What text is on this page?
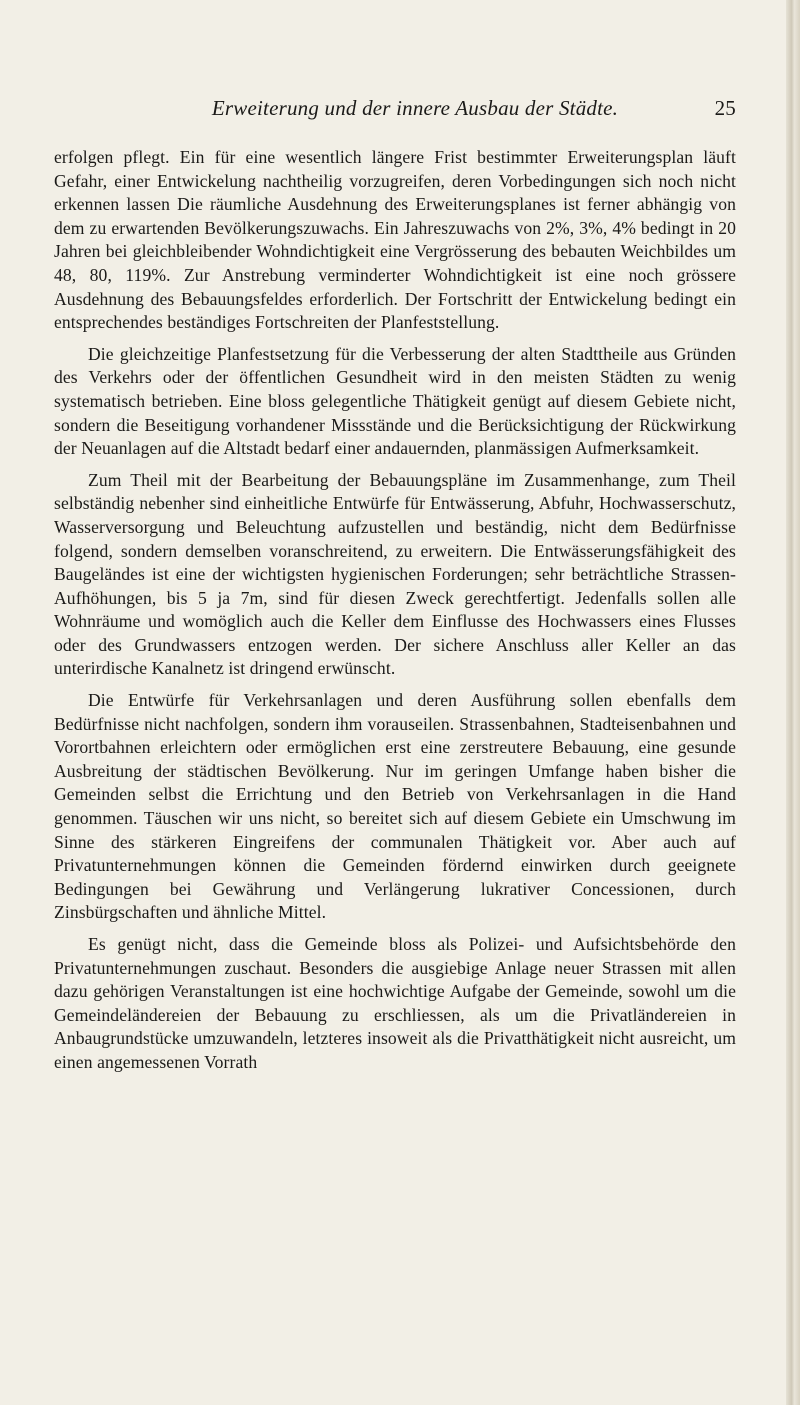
Erweiterung und der innere Ausbau der Städte.	25

erfolgen pflegt. Ein für eine wesentlich längere Frist bestimmter Erweiterungsplan läuft Gefahr, einer Entwickelung nachtheilig vorzugreifen, deren Vorbedingungen sich noch nicht erkennen lassen Die räumliche Ausdehnung des Erweiterungsplanes ist ferner abhängig von dem zu erwartenden Bevölkerungszuwachs. Ein Jahreszuwachs von 2%, 3%, 4% bedingt in 20 Jahren bei gleichbleibender Wohndichtigkeit eine Vergrösserung des bebauten Weichbildes um 48, 80, 119%. Zur Anstrebung verminderter Wohndichtigkeit ist eine noch grössere Ausdehnung des Bebauungsfeldes erforderlich. Der Fortschritt der Entwickelung bedingt ein entsprechendes beständiges Fortschreiten der Planfeststellung.

Die gleichzeitige Planfestsetzung für die Verbesserung der alten Stadttheile aus Gründen des Verkehrs oder der öffentlichen Gesundheit wird in den meisten Städten zu wenig systematisch betrieben. Eine bloss gelegentliche Thätigkeit genügt auf diesem Gebiete nicht, sondern die Beseitigung vorhandener Missstände und die Berücksichtigung der Rückwirkung der Neuanlagen auf die Altstadt bedarf einer andauernden, planmässigen Aufmerksamkeit.

Zum Theil mit der Bearbeitung der Bebauungspläne im Zusammenhange, zum Theil selbständig nebenher sind einheitliche Entwürfe für Entwässerung, Abfuhr, Hochwasserschutz, Wasserversorgung und Beleuchtung aufzustellen und beständig, nicht dem Bedürfnisse folgend, sondern demselben voranschreitend, zu erweitern. Die Entwässerungsfähigkeit des Baugeländes ist eine der wichtigsten hygienischen Forderungen; sehr beträchtliche Strassen-Aufhöhungen, bis 5 ja 7m, sind für diesen Zweck gerechtfertigt. Jedenfalls sollen alle Wohnräume und womöglich auch die Keller dem Einflusse des Hochwassers eines Flusses oder des Grundwassers entzogen werden. Der sichere Anschluss aller Keller an das unterirdische Kanalnetz ist dringend erwünscht.

Die Entwürfe für Verkehrsanlagen und deren Ausführung sollen ebenfalls dem Bedürfnisse nicht nachfolgen, sondern ihm vorauseilen. Strassenbahnen, Stadteisenbahnen und Vorortbahnen erleichtern oder ermöglichen erst eine zerstreutere Bebauung, eine gesunde Ausbreitung der städtischen Bevölkerung. Nur im geringen Umfange haben bisher die Gemeinden selbst die Errichtung und den Betrieb von Verkehrsanlagen in die Hand genommen. Täuschen wir uns nicht, so bereitet sich auf diesem Gebiete ein Umschwung im Sinne des stärkeren Eingreifens der communalen Thätigkeit vor. Aber auch auf Privatunternehmungen können die Gemeinden fördernd einwirken durch geeignete Bedingungen bei Gewährung und Verlängerung lukrativer Concessionen, durch Zinsbürgschaften und ähnliche Mittel.

Es genügt nicht, dass die Gemeinde bloss als Polizei- und Aufsichtsbehörde den Privatunternehmungen zuschaut. Besonders die ausgiebige Anlage neuer Strassen mit allen dazu gehörigen Veranstaltungen ist eine hochwichtige Aufgabe der Gemeinde, sowohl um die Gemeindeländereien der Bebauung zu erschliessen, als um die Privatländereien in Anbaugrundstücke umzuwandeln, letzteres insoweit als die Privatthätigkeit nicht ausreicht, um einen angemessenen Vorrath
